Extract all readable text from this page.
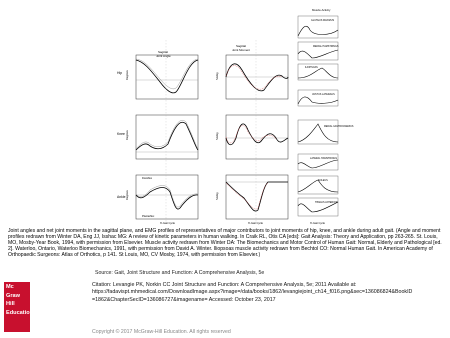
Hip
Knee
Ankle
Sagittal
Joint Angle
Degrees
Degrees
Dorsiflex
Plantarflex
Degrees
% Gait Cycle
Sagittal
Joint Moment
Nm/kg
Nm/kg
Nm/kg
% Gait Cycle
Muscle Activity
GLUTEUS MAXIMUS
MEDIAL HAMSTRINGS
ILIOPSOAS
VASTUS LATERALIS
MEDIAL GASTROCNEMIUS
LATERAL HAMSTRINGS
SOLEUS
TIBIALIS ANTERIOR
% Gait Cycle

Joint angles and net joint moments in the sagittal plane, and EMG profiles of representatives of major contributors to joint moments of hip, knee, and ankle during adult gait. (Angle and moment profiles redrawn from Winter DA, Eng JJ, Isshac MG: A review of kinetic parameters in human walking. In Craik RL, Otis CA [eds]: Gait Analysis: Theory and Application, pp 263-265. St. Louis, MO, Mosby-Year Book, 1994, with permission from Elsevier. Muscle activity redrawn from Winter DA: The Biomechanics and Motor Control of Human Gait: Normal, Elderly and Pathological [ed. 2]. Waterloo, Ontario, Waterloo Biomechanics, 1991, with permission from David A. Winter. Iliopsoas muscle activity redrawn from Bechtol CO: Normal Human Gait. In American Academy of Orthopaedic Surgeons: Atlas of Orthotics, p 141. St Louis, MO, CV Mosby, 1974, with permission from Elsevier.)

Source: Gait, Joint Structure and Function: A Comprehensive Analysis, 5e
Mc
Graw
Hill
Education

Citation: Levangie PK, Norkin CC Joint Structure and Function: A Comprehensive Analysis, 5e; 2011 Available at:

https://fadavispt.mhmedical.com/DownloadImage.aspx?image=/data/books/1862/levangiejoint_ch14_f016.png&sec=136086824&BookID

=1862&ChapterSecID=136086727&imagename= Accessed: October 23, 2017

Copyright © 2017 McGraw-Hill Education. All rights reserved
